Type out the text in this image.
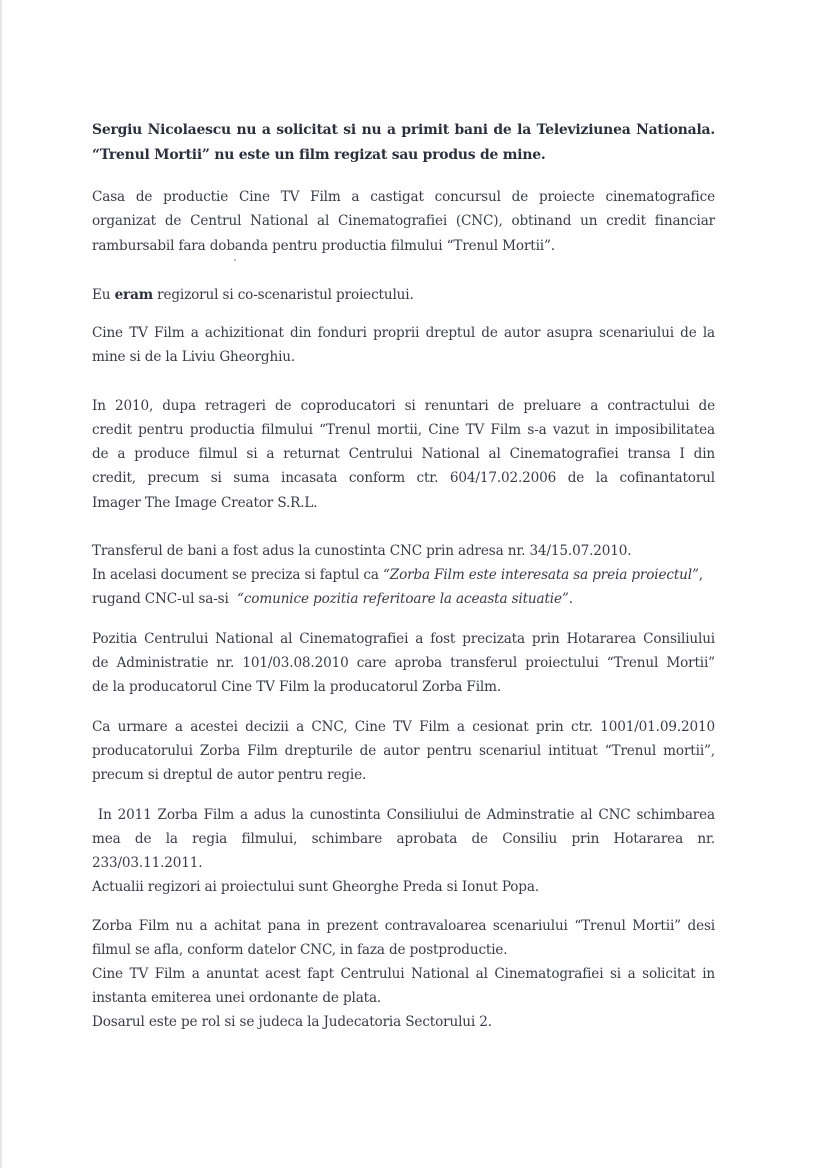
Sergiu Nicolaescu nu a solicitat si nu a primit bani de la Televiziunea Nationala.
“Trenul Mortii” nu este un film regizat sau produs de mine.
Casa de productie Cine TV Film a castigat concursul de proiecte cinematografice
organizat de Centrul National al Cinematografiei (CNC), obtinand un credit financiar
rambursabil fara dobanda pentru productia filmului “Trenul Mortii”.
Eu eram regizorul si co-scenaristul proiectului.
Cine TV Film a achizitionat din fonduri proprii dreptul de autor asupra scenariului de la
mine si de la Liviu Gheorghiu.
In 2010, dupa retrageri de coproducatori si renuntari de preluare a contractului de
credit pentru productia filmului “Trenul mortii, Cine TV Film s-a vazut in imposibilitatea
de a produce filmul si a returnat Centrului National al Cinematografiei transa I din
credit, precum si suma incasata conform ctr. 604/17.02.2006 de la cofinantatorul
Imager The Image Creator S.R.L.
Transferul de bani a fost adus la cunostinta CNC prin adresa nr. 34/15.07.2010.
In acelasi document se preciza si faptul ca “Zorba Film este interesata sa preia proiectul”,
rugand CNC-ul sa-si  “comunice pozitia referitoare la aceasta situatie”.
Pozitia Centrului National al Cinematografiei a fost precizata prin Hotararea Consiliului
de Administratie nr. 101/03.08.2010 care aproba transferul proiectului “Trenul Mortii”
de la producatorul Cine TV Film la producatorul Zorba Film.
Ca urmare a acestei decizii a CNC, Cine TV Film a cesionat prin ctr. 1001/01.09.2010
producatorului Zorba Film drepturile de autor pentru scenariul intituat “Trenul mortii”,
precum si dreptul de autor pentru regie.
In 2011 Zorba Film a adus la cunostinta Consiliului de Adminstratie al CNC schimbarea
mea de la regia filmului, schimbare aprobata de Consiliu prin Hotararea nr.
233/03.11.2011.
Actualii regizori ai proiectului sunt Gheorghe Preda si Ionut Popa.
Zorba Film nu a achitat pana in prezent contravaloarea scenariului “Trenul Mortii” desi
filmul se afla, conform datelor CNC, in faza de postproductie.
Cine TV Film a anuntat acest fapt Centrului National al Cinematografiei si a solicitat in
instanta emiterea unei ordonante de plata.
Dosarul este pe rol si se judeca la Judecatoria Sectorului 2.
